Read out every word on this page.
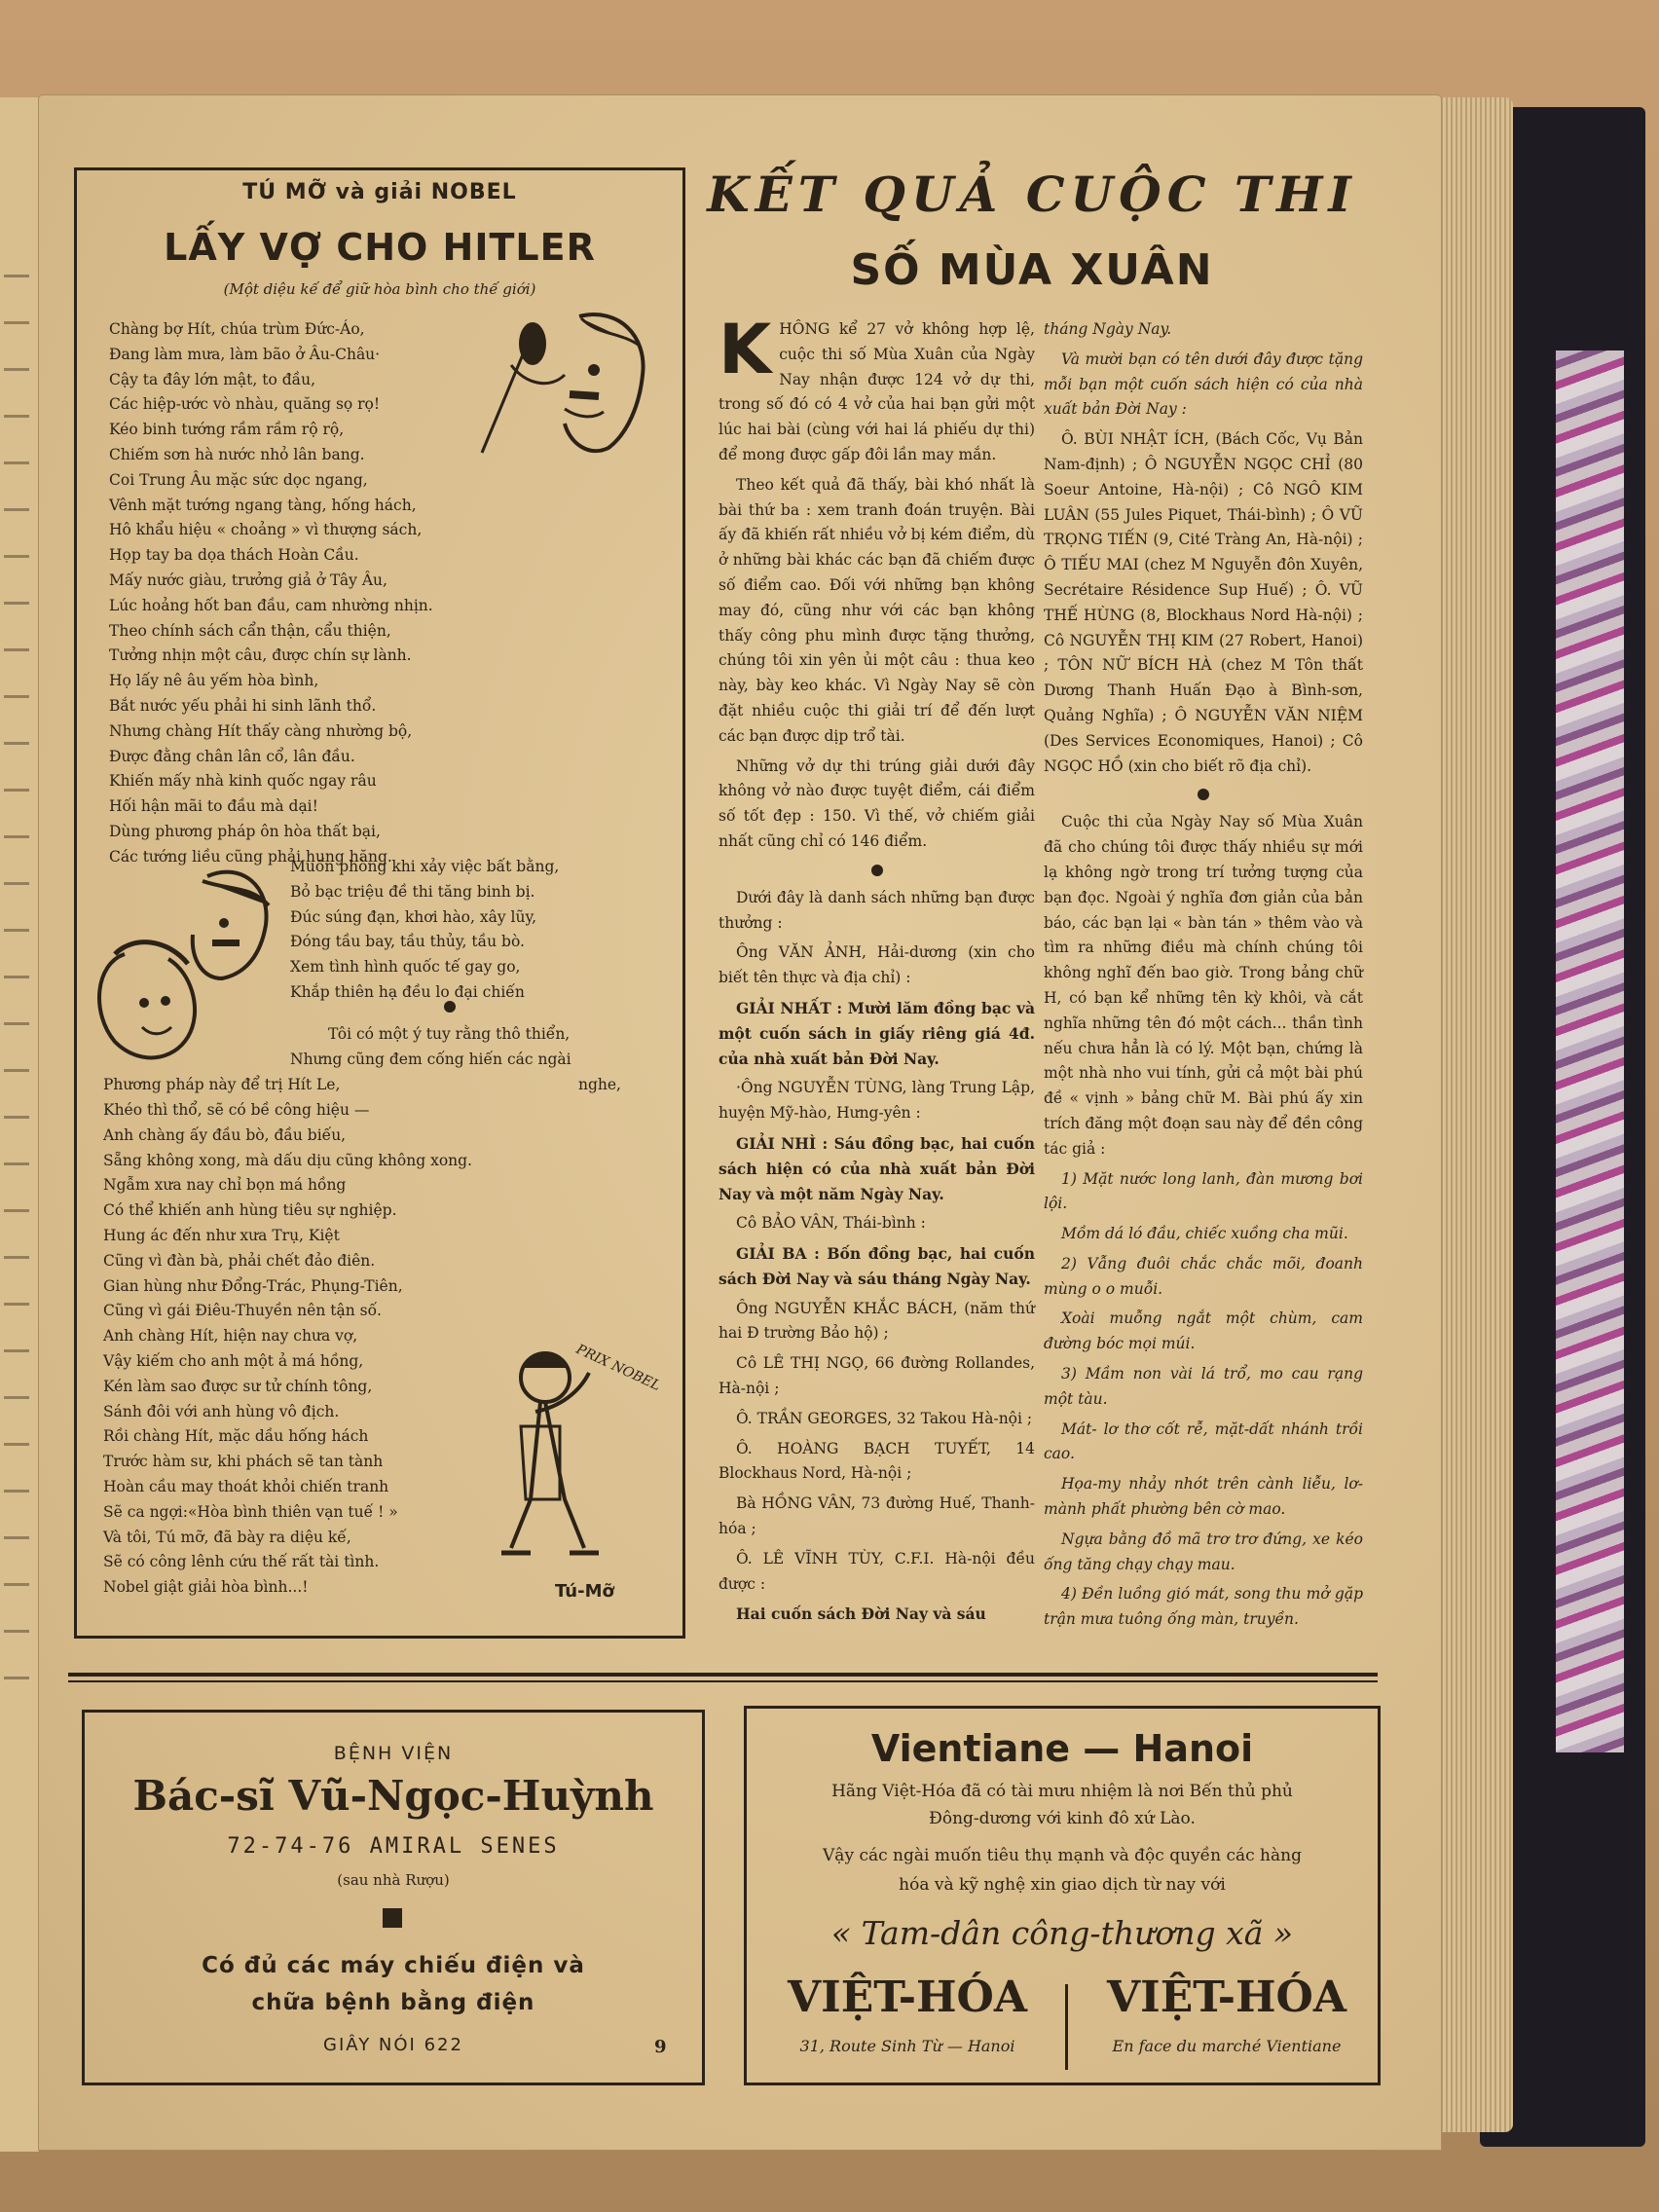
TÚ MỠ và giải NOBEL
LẤY VỢ CHO HITLER
(Một diệu kế để giữ hòa bình cho thế giới)
Chàng bợ Hít, chúa trùm Đức-Áo,
Đang làm mưa, làm bão ở Âu-Châu·
Cậy ta đây lớn mật, to đầu,
Các hiệp-ước vò nhàu, quăng sọ rọ!
Kéo binh tướng rầm rầm rộ rộ,
Chiếm sơn hà nước nhỏ lân bang.
Coi Trung Âu mặc sức dọc ngang,
Vênh mặt tướng ngang tàng, hống hách,
Hô khẩu hiệu « choảng » vì thượng sách,
Họp tay ba dọa thách Hoàn Cầu.
Mấy nước giàu, trưởng giả ở Tây Âu,
Lúc hoảng hốt ban đầu, cam nhường nhịn.
Theo chính sách cẩn thận, cẩu thiện,
Tưởng nhịn một câu, được chín sự lành.
Họ lấy nê âu yếm hòa bình,
Bắt nước yếu phải hi sinh lãnh thổ.
Nhưng chàng Hít thấy càng nhường bộ,
Được đằng chân lân cổ, lân đầu.
Khiến mấy nhà kinh quốc ngay râu
Hối hận mãi to đầu mà dại!
Dùng phương pháp ôn hòa thất bại,
Các tướng liều cũng phải hung hăng.
Muốn phòng khi xảy việc bất bằng,
Bỏ bạc triệu đề thi tăng binh bị.
Đúc súng đạn, khơi hào, xây lũy,
Đóng tầu bay, tầu thủy, tầu bò.
Xem tình hình quốc tế gay go,
Khắp thiên hạ đều lo đại chiến
Tôi có một ý tuy rằng thô thiển,
Nhưng cũng đem cống hiến các ngài
Phương pháp này để trị Hít Le,	nghe,
Khéo thì thổ, sẽ có bề công hiệu —
Anh chàng ấy đầu bò, đầu biếu,
Sẵng không xong, mà dấu dịu cũng không xong.
Ngẫm xưa nay chỉ bọn má hồng
Có thể khiến anh hùng tiêu sự nghiệp.
Hung ác đến như xưa Trụ, Kiệt
Cũng vì đàn bà, phải chết đảo điên.
Gian hùng như Đổng-Trác, Phụng-Tiên,
Cũng vì gái Điêu-Thuyền nên tận số.
Anh chàng Hít, hiện nay chưa vợ,
Vậy kiếm cho anh một ả má hồng,
Kén làm sao được sư tử chính tông,
Sánh đôi với anh hùng vô địch.
Rồi chàng Hít, mặc dầu hống hách
Trước hàm sư, khi phách sẽ tan tành
Hoàn cầu may thoát khỏi chiến tranh
Sẽ ca ngợi:«Hòa bình thiên vạn tuế ! »
Và tôi, Tú mỡ, đã bày ra diệu kế,
Sẽ có công lênh cứu thế rất tài tình.
Nobel giật giải hòa bình...!
PRIX NOBEL
Tú-Mỡ
KẾT QUẢ CUỘC THI
SỐ MÙA XUÂN

KHÔNG kể 27 vở không hợp lệ, cuộc thi số Mùa Xuân của Ngày Nay nhận được 124 vở dự thi, trong số đó có 4 vở của hai bạn gửi một lúc hai bài (cùng với hai lá phiếu dự thi) để mong được gấp đôi lần may mắn.

Theo kết quả đã thấy, bài khó nhất là bài thứ ba : xem tranh đoán truyện. Bài ấy đã khiến rất nhiều vở bị kém điểm, dù ở những bài khác các bạn đã chiếm được số điểm cao. Đối với những bạn không may đó, cũng như với các bạn không thấy công phu mình được tặng thưởng, chúng tôi xin yên ủi một câu : thua keo này, bày keo khác. Vì Ngày Nay sẽ còn đặt nhiều cuộc thi giải trí để đến lượt các bạn được dịp trổ tài.

Những vở dự thi trúng giải dưới đây không vở nào được tuyệt điểm, cái điểm số tốt đẹp : 150. Vì thế, vở chiếm giải nhất cũng chỉ có 146 điểm.

Dưới đây là danh sách những bạn được thưởng :

Ông VĂN ẢNH, Hải-dương (xin cho biết tên thực và địa chỉ) :

GIẢI NHẤT : Mười lăm đồng bạc và một cuốn sách in giấy riêng giá 4đ. của nhà xuất bản Đời Nay.

·Ông NGUYỄN TÙNG, làng Trung Lập, huyện Mỹ-hào, Hưng-yên :

GIẢI NHÌ : Sáu đồng bạc, hai cuốn sách hiện có của nhà xuất bản Đời Nay và một năm Ngày Nay.

Cô BẢO VÂN, Thái-bình :

GIẢI BA : Bốn đồng bạc, hai cuốn sách Đời Nay và sáu tháng Ngày Nay.

Ông NGUYỄN KHẮC BÁCH, (năm thứ hai Đ trường Bảo hộ) ;

Cô LÊ THỊ NGỌ, 66 đường Rollandes, Hà-nội ;

Ô. TRẦN GEORGES, 32 Takou Hà-nội ;

Ô. HOÀNG BẠCH TUYẾT, 14 Blockhaus Nord, Hà-nội ;

Bà HỒNG VÂN, 73 đường Huế, Thanh-hóa ;

Ô. LÊ VĨNH TÙY, C.F.I. Hà-nội đều được :

Hai cuốn sách Đời Nay và sáu

tháng Ngày Nay.

Và mười bạn có tên dưới đây được tặng mỗi bạn một cuốn sách hiện có của nhà xuất bản Đời Nay :

Ô. BÙI NHẬT ÍCH, (Bách Cốc, Vụ Bản Nam-định) ; Ô NGUYỄN NGỌC CHỈ (80 Soeur Antoine, Hà-nội) ; Cô NGÔ KIM LUÂN (55 Jules Piquet, Thái-bình) ; Ô VŨ TRỌNG TIẾN (9, Cité Tràng An, Hà-nội) ; Ô TIẾU MAI (chez M Nguyễn đôn Xuyên, Secrétaire Résidence Sup Huế) ; Ô. VŨ THẾ HÙNG (8, Blockhaus Nord Hà-nội) ; Cô NGUYỄN THỊ KIM (27 Robert, Hanoi) ; TÔN NỮ BÍCH HÀ (chez M Tôn thất Dương Thanh Huấn Đạo à Bình-sơn, Quảng Nghĩa) ; Ô NGUYỄN VĂN NIỆM (Des Services Economiques, Hanoi) ; Cô NGỌC HỒ (xin cho biết rõ địa chỉ).

Cuộc thi của Ngày Nay số Mùa Xuân đã cho chúng tôi được thấy nhiều sự mới lạ không ngờ trong trí tưởng tượng của bạn đọc. Ngoài ý nghĩa đơn giản của bản báo, các bạn lại « bàn tán » thêm vào và tìm ra những điều mà chính chúng tôi không nghĩ đến bao giờ. Trong bảng chữ H, có bạn kể những tên kỳ khôi, và cắt nghĩa những tên đó một cách... thần tình nếu chưa hẳn là có lý. Một bạn, chứng là một nhà nho vui tính, gửi cả một bài phú đề « vịnh » bảng chữ M. Bài phú ấy xin trích đăng một đoạn sau này để đền công tác giả :

1) Mặt nước long lanh, đàn mương bơi lội.

Mồm dá ló đầu, chiếc xuồng cha mũi.

2) Vẫng đuôi chắc chắc mõi, đoanh mùng o o muỗi.

Xoài muỗng ngắt một chùm, cam đường bóc mọi múi.

3) Mầm non vài lá trổ, mo cau rạng một tàu.

Mát- lơ thơ cốt rễ, mặt-dất nhánh trồi cao.

Họa-my nhảy nhót trên cành liễu, lơ-mành phất phường bên cờ mao.

Ngựa bằng đồ mã trơ trơ đứng, xe kéo ống tăng chạy chạy mau.

4) Đền luồng gió mát, song thu mở gặp trận mưa tuông ống màn, truyền.

BỆNH VIỆN
Bác-sĩ Vũ-Ngọc-Huỳnh
72-74-76 AMIRAL SENES
(sau nhà Rượu)
Có đủ các máy chiếu điện và
chữa bệnh bằng điện
GIÂY NÓI 622	9
Vientiane — Hanoi
Hãng Việt-Hóa đã có tài mưu nhiệm là nơi Bến thủ phủ
Đông-dương với kinh đô xứ Lào.
Vậy các ngài muốn tiêu thụ mạnh và độc quyền các hàng
hóa và kỹ nghệ xin giao dịch từ nay với
« Tam-dân công-thương xã »
VIỆT-HÓA	VIỆT-HÓA
31, Route Sinh Từ — Hanoi	En face du marché Vientiane
